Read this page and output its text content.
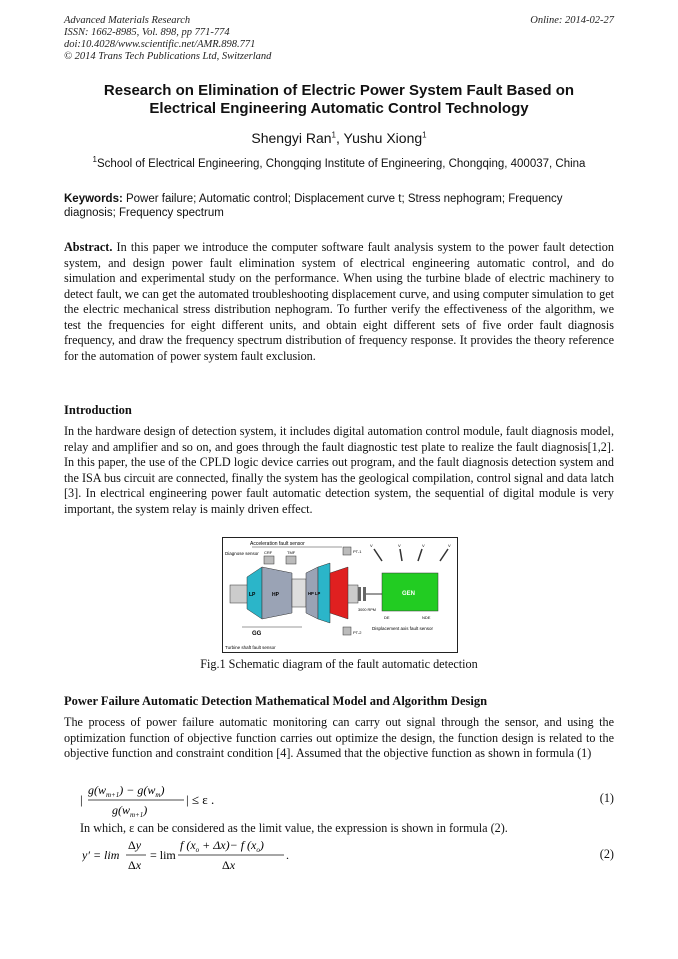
Advanced Materials Research
ISSN: 1662-8985, Vol. 898, pp 771-774
doi:10.4028/www.scientific.net/AMR.898.771
© 2014 Trans Tech Publications Ltd, Switzerland
Online: 2014-02-27
Research on Elimination of Electric Power System Fault Based on
Electrical Engineering Automatic Control Technology
Shengyi Ran$^1$, Yushu Xiong$^1$
$^1$School of Electrical Engineering, Chongqing Institute of Engineering, Chongqing, 400037, China
Keywords: Power failure; Automatic control; Displacement curve t; Stress nephogram; Frequency diagnosis; Frequency spectrum
Abstract. In this paper we introduce the computer software fault analysis system to the power fault detection system, and design power fault elimination system of electrical engineering automatic control, and do simulation and experimental study on the performance. When using the turbine blade of electric machinery to detect fault, we can get the automated troubleshooting displacement curve, and using computer simulation to get the electric mechanical stress distribution nephogram. To further verify the effectiveness of the algorithm, we test the frequencies for eight different units, and obtain eight different sets of five order fault diagnosis frequency, and draw the frequency spectrum distribution of frequency response. It provides the theory reference for the automation of power system fault exclusion.
Introduction
In the hardware design of detection system, it includes digital automation control module, fault diagnosis model, relay and amplifier and so on, and goes through the fault diagnostic test plate to realize the fault diagnosis[1,2]. In this paper, the use of the CPLD logic device carries out program, and the fault diagnosis detection system and the ISA bus circuit are connected, finally the system has the geological compilation, control signal and data latch [3]. In electrical engineering power fault automatic detection system, the sequential of digital module is very important, the system relay is mainly driven effect.
Acceleration fault sensor
Diagnose sensor CRF	TMF
LP	HP	HP LP
GG
3000 RPM
GEN
PT-1
PT-2
V	V	V	V
DE	NDE
Displacement axis fault sensor
Turbine shaft fault sensor
Fig.1 Schematic diagram of the fault automatic detection
Power Failure Automatic Detection Mathematical Model and Algorithm Design
The process of power failure automatic monitoring can carry out signal through the sensor, and using the optimization function of objective function carries out optimize the design, the function design is related to the objective function and constraint condition [4]. Assumed that the objective function as shown in formula (1)
|
$g(w_{m+1}) - g(w_m)$
$g(w_{m+1})$
| ≤ ε .	(1)
In which, ε can be considered as the limit value, the expression is shown in formula (2).
y′ = lim
Δy
Δx
= lim
f $(x_o + \Delta x)- f$ $(x_o)$
Δx
.	(2)
